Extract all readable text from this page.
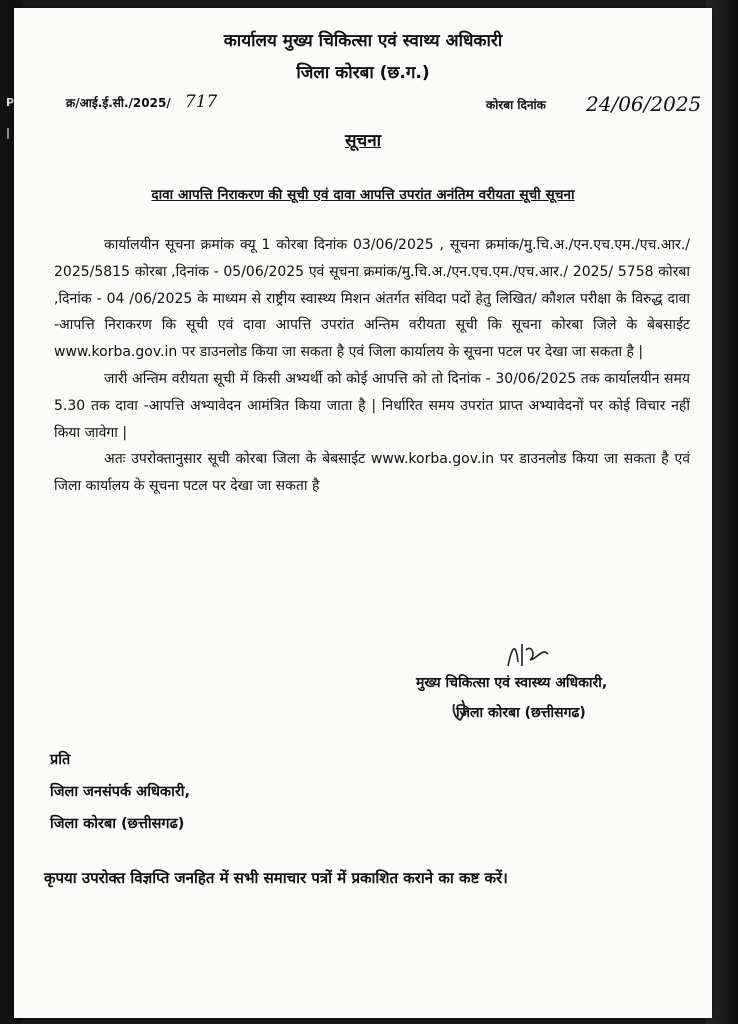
P
|
कार्यालय मुख्य चिकित्सा एवं स्वाथ्य अधिकारी
जिला कोरबा (छ.ग.)
क्र/आई.ई.सी./2025/ 717	कोरबा दिनांक 24/06/2025
सूचना
दावा आपत्ति निराकरण की सूची एवं दावा आपत्ति उपरांत अनंतिम वरीयता सूची सूचना

कार्यालयीन सूचना क्रमांक क्यू 1 कोरबा दिनांक 03/06/2025 , सूचना क्रमांक/मु.चि.अ./एन.एच.एम./एच.आर./ 2025/5815 कोरबा ,दिनांक - 05/06/2025 एवं सूचना क्रमांक/मु.चि.अ./एन.एच.एम./एच.आर./ 2025/ 5758 कोरबा ,दिनांक - 04 /06/2025 के माध्यम से राष्ट्रीय स्वास्थ्य मिशन अंतर्गत संविदा पदों हेतु लिखित/ कौशल परीक्षा के विरुद्ध दावा -आपत्ति निराकरण कि सूची एवं दावा आपत्ति उपरांत अन्तिम वरीयता सूची कि सूचना कोरबा जिले के बेबसाईट www.korba.gov.in पर डाउनलोड किया जा सकता है एवं जिला कार्यालय के सूचना पटल पर देखा जा सकता है |

जारी अन्तिम वरीयता सूची में किसी अभ्यर्थी को कोई आपत्ति को तो दिनांक - 30/06/2025 तक कार्यालयीन समय 5.30 तक दावा -आपत्ति अभ्यावेदन आमंत्रित किया जाता है | निर्धारित समय उपरांत प्राप्त अभ्यावेदनों पर कोई विचार नहीं किया जावेगा |

अतः उपरोक्तानुसार सूची कोरबा जिला के बेबसाईट www.korba.gov.in पर डाउनलोड किया जा सकता है एवं जिला कार्यालय के सूचना पटल पर देखा जा सकता है

मुख्य चिकित्सा एवं स्वास्थ्य अधिकारी,
जिला कोरबा (छत्तीसगढ)
प्रति
जिला जनसंपर्क अधिकारी,
जिला कोरबा (छत्तीसगढ)
कृपया उपरोक्त विज्ञप्ति जनहित में सभी समाचार पत्रों में प्रकाशित कराने का कष्ट करें।
